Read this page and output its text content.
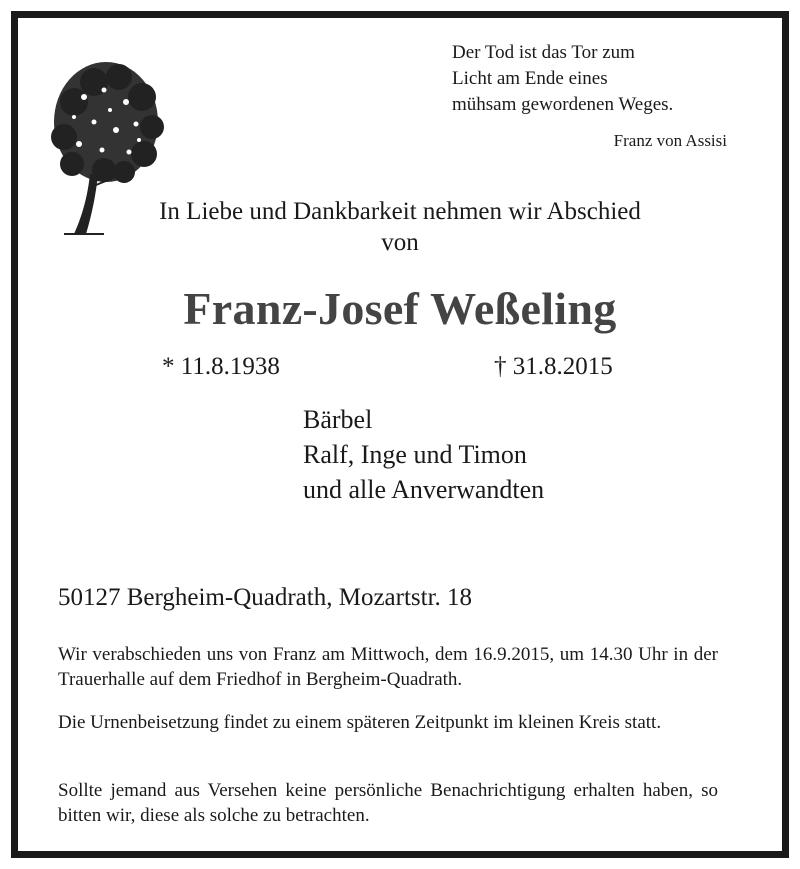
Der Tod ist das Tor zum
Licht am Ende eines
mühsam gewordenen Weges.
Franz von Assisi
In Liebe und Dankbarkeit nehmen wir Abschied
von
Franz-Josef Weßeling
* 11.8.1938	† 31.8.2015
Bärbel
Ralf, Inge und Timon
und alle Anverwandten
50127 Bergheim-Quadrath, Mozartstr. 18
Wir verabschieden uns von Franz am Mittwoch, dem 16.9.2015, um 14.30 Uhr in der Trauerhalle auf dem Friedhof in Bergheim-Quadrath.
Die Urnenbeisetzung findet zu einem späteren Zeitpunkt im kleinen Kreis statt.
Sollte jemand aus Versehen keine persönliche Benachrichtigung erhalten haben, so bitten wir, diese als solche zu betrachten.
